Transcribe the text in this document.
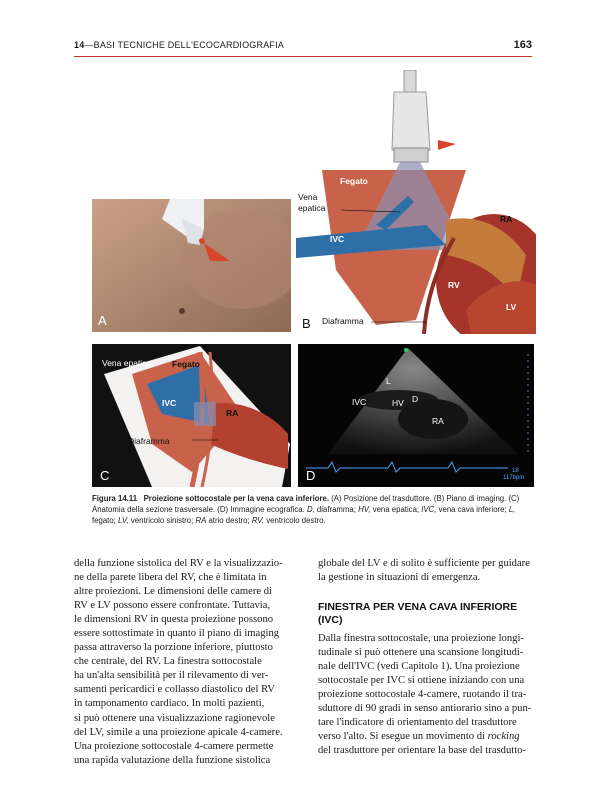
14—BASI TECNICHE DELL'ECOCARDIOGRAFIA	163
Fegato
Vena
epatica
IVC
RA
RV
LV
Diaframma
B
A
Vena epatica Fegato
IVC
RA
Diaframma
C
L
IVC	HV D
RA
18
117bpm
D
Figura 14.11 Proiezione sottocostale per la vena cava inferiore. (A) Posizione del trasduttore. (B) Piano di imaging. (C) Anatomia della sezione trasversale. (D) Immagine ecografica. D, diaframma; HV, vena epatica; IVC, vena cava inferiore; L, fegato; LV, ventricolo sinistro; RA atrio destro; RV, ventricolo destro.

della funzione sistolica del RV e la visualizzazio-

ne della parete libera del RV, che è limitata in

altre proiezioni. Le dimensioni delle camere di

RV e LV possono essere confrontate. Tuttavia,

le dimensioni RV in questa proiezione possono

essere sottostimate in quanto il piano di imaging

passa attraverso la porzione inferiore, piuttosto

che centrale, del RV. La finestra sottocostale

ha un'alta sensibilità per il rilevamento di ver-

samenti pericardici e collasso diastolico del RV

in tamponamento cardiaco. In molti pazienti,

si può ottenere una visualizzazione ragionevole

del LV, simile a una proiezione apicale 4-camere.

Una proiezione sottocostale 4-camere permette

una rapida valutazione della funzione sistolica

globale del LV e di solito è sufficiente per guidare

la gestione in situazioni di emergenza.

FINESTRA PER VENA CAVA INFERIORE (IVC)

Dalla finestra sottocostale, una proiezione longi-

tudinale si può ottenere una scansione longitudi-

nale dell'IVC (vedi Capitolo 1). Una proiezione

sottocostale per IVC si ottiene iniziando con una

proiezione sottocostale 4-camere, ruotando il tra-

sduttore di 90 gradi in senso antiorario sino a pun-

tare l'indicatore di orientamento del trasduttore

verso l'alto. Si esegue un movimento di rocking

del trasduttore per orientare la base del trasdutto-
